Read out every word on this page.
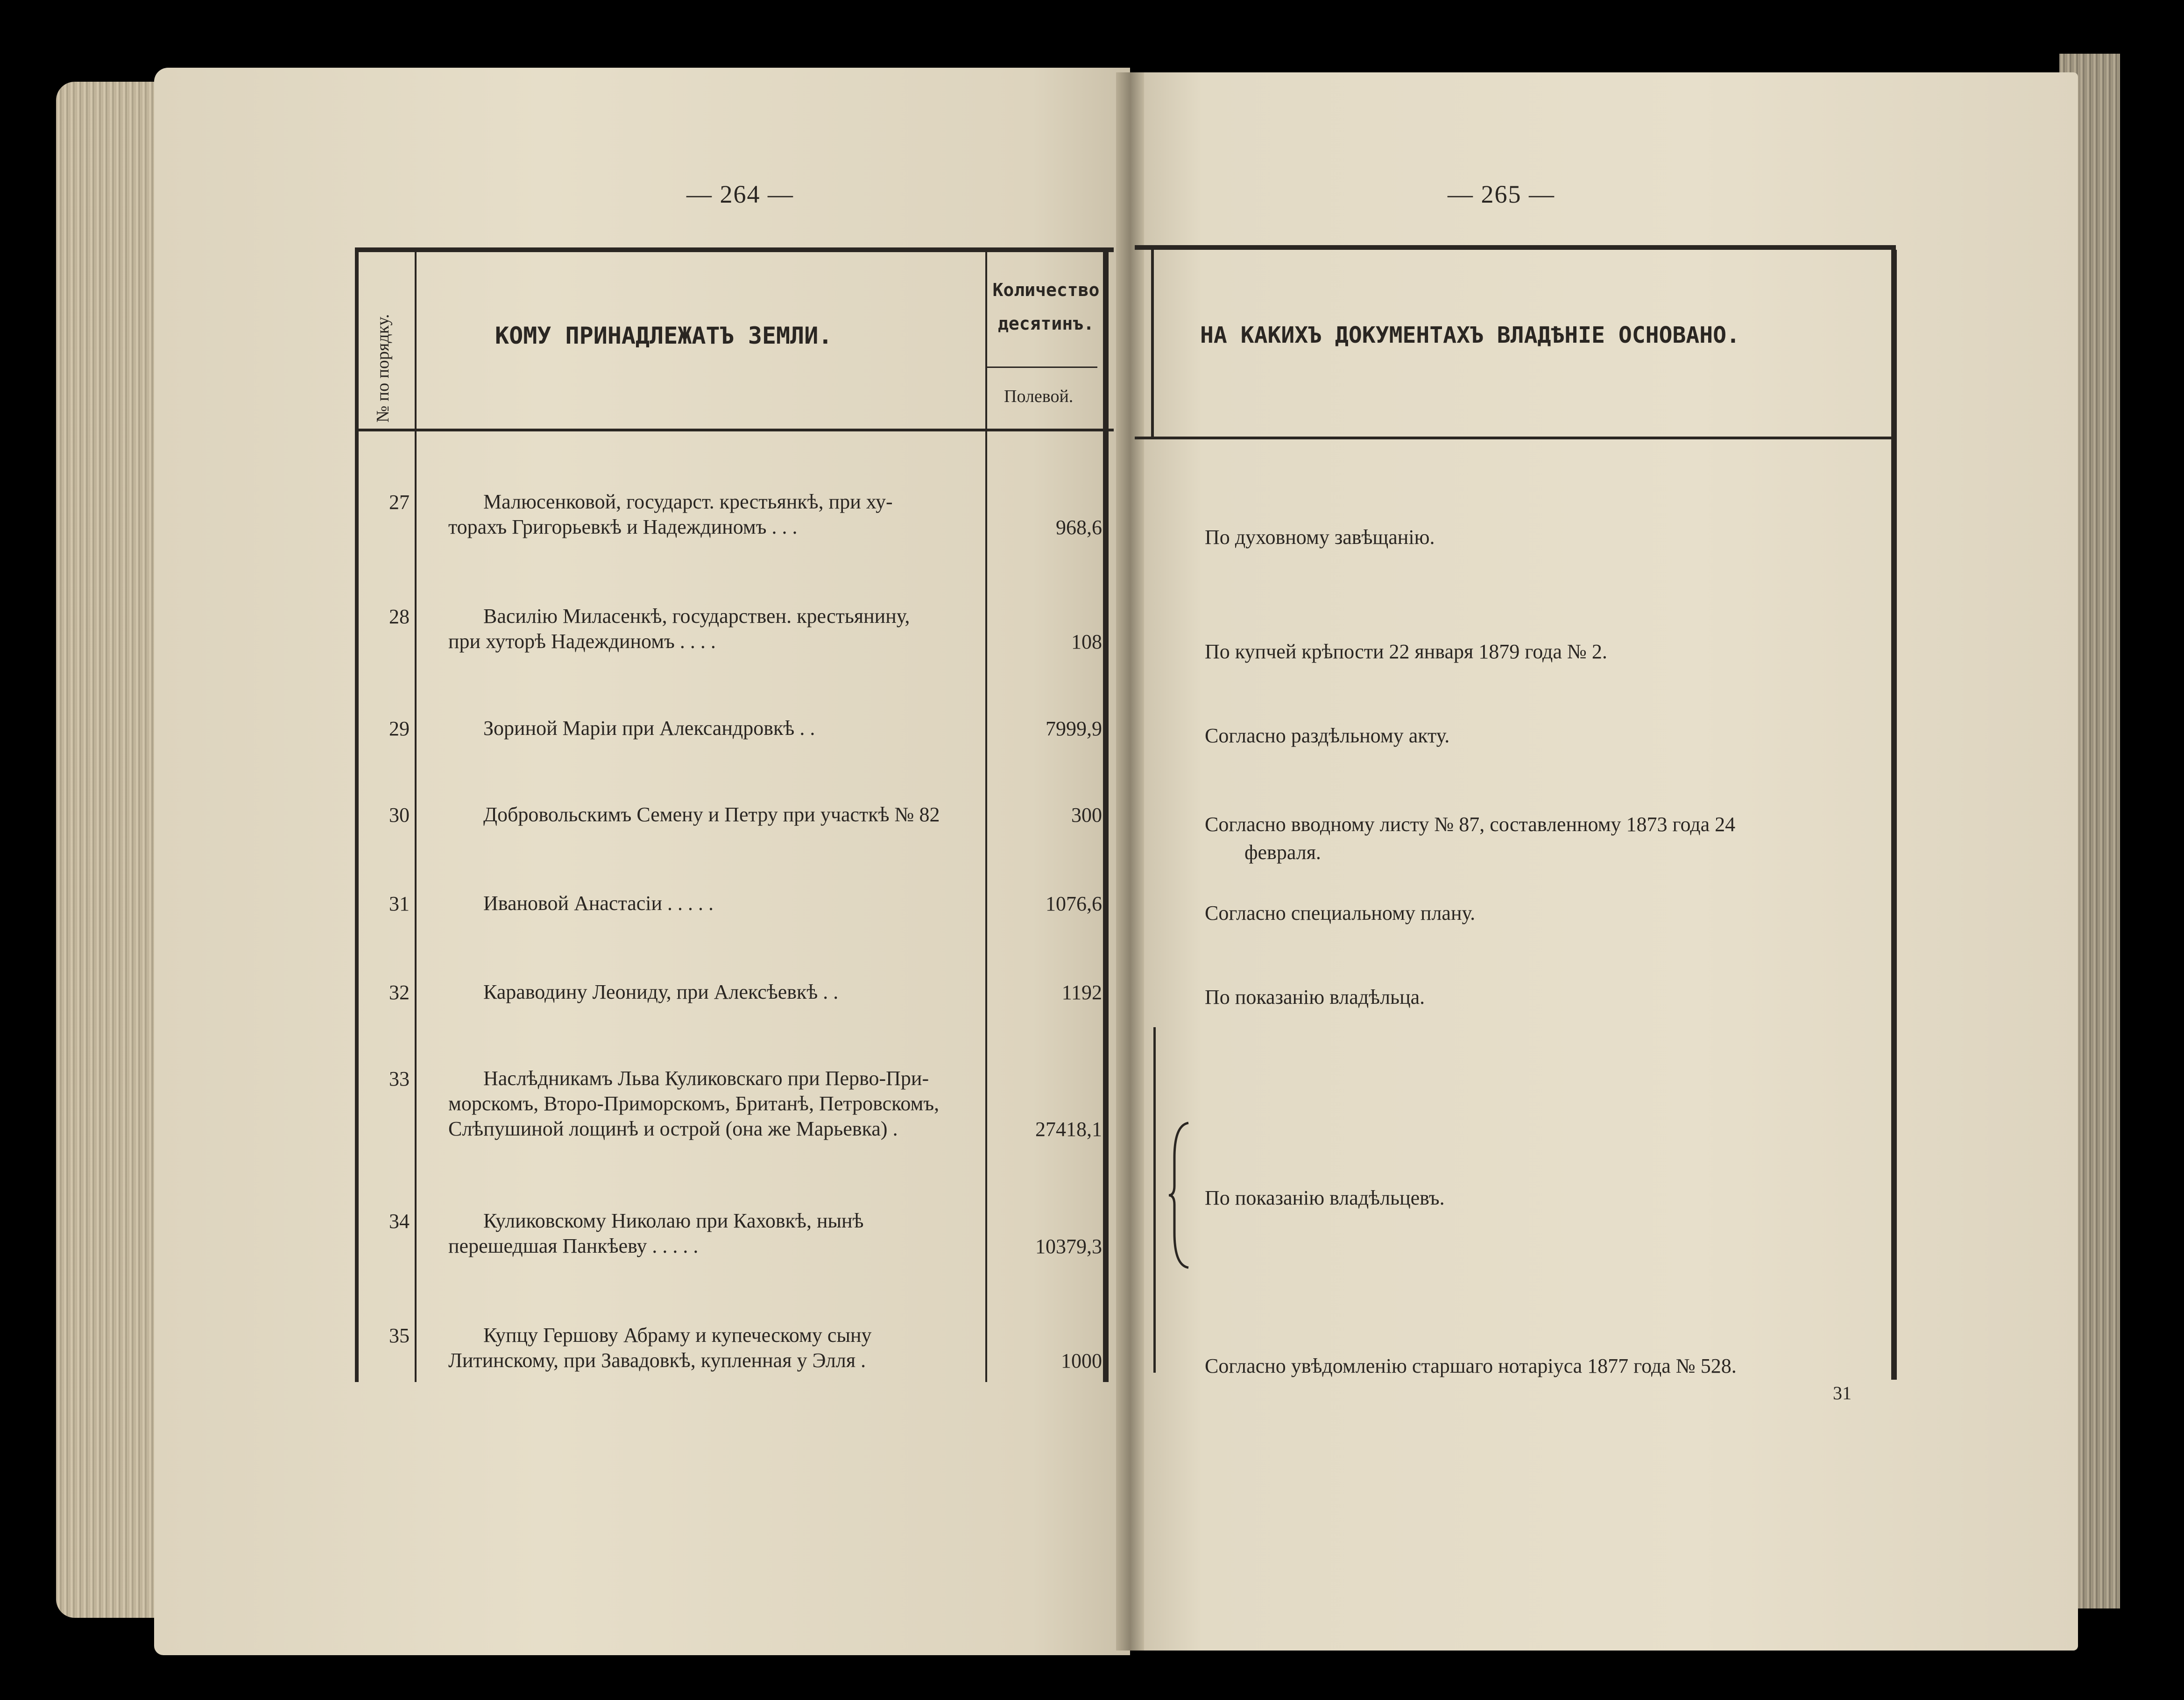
— 264 —
№ по порядку.	КОМУ ПРИНАДЛЕЖАТЪ ЗЕМЛИ.
Количество десятинъ.
Полевой.
27	Малюсенковой, государст. крестьянкѣ, при ху-
торахъ Григорьевкѣ и Надеждиномъ . . .	968,6
28	Василію Миласенкѣ, государствен. крестьянину,
при хуторѣ Надеждиномъ . . . .	108
29	Зориной Маріи при Александровкѣ . .	7999,9
30	Добровольскимъ Семену и Петру при участкѣ № 82	300
31	Ивановой Анастасіи . . . . .	1076,6
32	Караводину Леониду, при Алексѣевкѣ . .	1192
33	Наслѣдникамъ Льва Куликовскаго при Перво-При-
морскомъ, Второ-Приморскомъ, Британѣ, Петровскомъ,
Слѣпушиной лощинѣ и острой (она же Марьевка) .	27418,1
34	Куликовскому Николаю при Каховкѣ, нынѣ
перешедшая Панкѣеву . . . . .	10379,3
35	Купцу Гершову Абраму и купеческому сыну
Литинскому, при Завадовкѣ, купленная у Элля .	1000
— 265 —
НА КАКИХЪ ДОКУМЕНТАХЪ ВЛАДѢНІЕ ОСНОВАНО.
По духовному завѣщанію.
По купчей крѣпости 22 января 1879 года № 2.
Согласно раздѣльному акту.
Согласно вводному листу № 87, составленному 1873 года 24
февраля.
Согласно специальному плану.
По показанію владѣльца.
По показанію владѣльцевъ.
Согласно увѣдомленію старшаго нотаріуса 1877 года № 528.
31
